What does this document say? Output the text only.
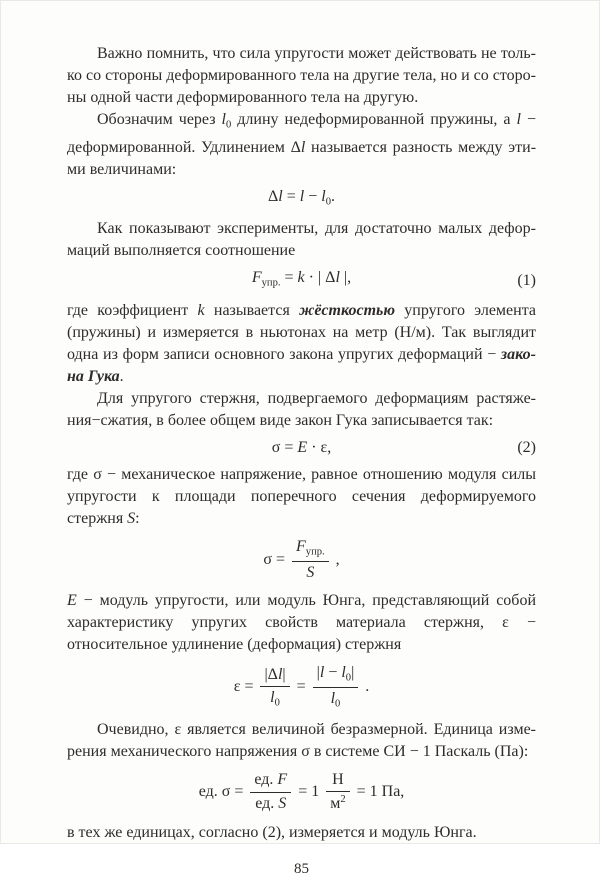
Важно помнить, что сила упругости может действовать не только со стороны деформированного тела на другие тела, но и со стороны одной части деформированного тела на другую.

Обозначим через $l_0$ длину недеформированной пружины, а l − деформированной. Удлинением Δl называется разность между этими величинами:

$\Delta l = l - l_0$.

Как показывают эксперименты, для достаточно малых деформаций выполняется соотношение

$F_{упр.} = k$ · | Δl |,	(1)

где коэффициент k называется жёсткостью упругого элемента (пружины) и измеряется в ньютонах на метр (Н/м). Так выглядит одна из форм записи основного закона упругих деформаций − закона Гука.

Для упругого стержня, подвергаемого деформациям растяжения−сжатия, в более общем виде закон Гука записывается так:

σ = E · ε,	(2)

где σ − механическое напряжение, равное отношению модуля силы упругости к площади поперечного сечения деформируемого стержня S:

$\sigma = \frac{F_{упр.}}{S}$ ,

E − модуль упругости, или модуль Юнга, представляющий собой характеристику упругих свойств материала стержня, ε − относительное удлинение (деформация) стержня

$\varepsilon = \frac{|\Delta l|}{l_0} = \frac{|l - l_0|}{l_0}$ .

Очевидно, ε является величиной безразмерной. Единица измерения механического напряжения σ в системе СИ − 1 Паскаль (Па):

ед. $\sigma = \frac{ед. F}{ед. S} = 1 \frac{Н}{м^2} = 1$ Па,

в тех же единицах, согласно (2), измеряется и модуль Юнга.

85
